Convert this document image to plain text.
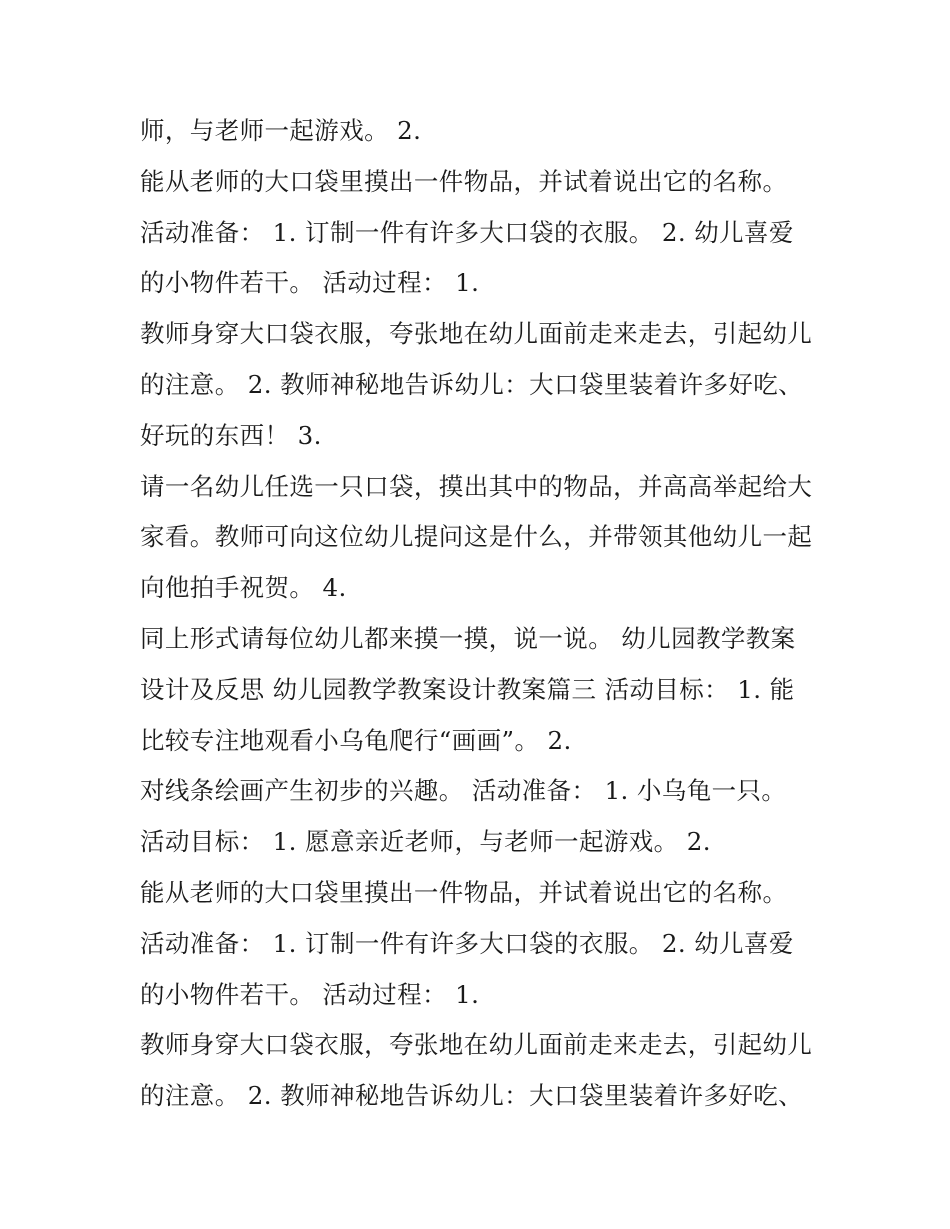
师，与老师一起游戏。 2.
能从老师的大口袋里摸出一件物品，并试着说出它的名称。
活动准备： 1. 订制一件有许多大口袋的衣服。 2. 幼儿喜爱
的小物件若干。 活动过程： 1.
教师身穿大口袋衣服，夸张地在幼儿面前走来走去，引起幼儿
的注意。 2. 教师神秘地告诉幼儿：大口袋里装着许多好吃、
好玩的东西！ 3.
请一名幼儿任选一只口袋，摸出其中的物品，并高高举起给大
家看。教师可向这位幼儿提问这是什么，并带领其他幼儿一起
向他拍手祝贺。 4.
同上形式请每位幼儿都来摸一摸，说一说。 幼儿园教学教案
设计及反思 幼儿园教学教案设计教案篇三 活动目标： 1. 能
比较专注地观看小乌龟爬行“画画”。 2.
对线条绘画产生初步的兴趣。 活动准备： 1. 小乌龟一只。
活动目标： 1. 愿意亲近老师，与老师一起游戏。 2.
能从老师的大口袋里摸出一件物品，并试着说出它的名称。
活动准备： 1. 订制一件有许多大口袋的衣服。 2. 幼儿喜爱
的小物件若干。 活动过程： 1.
教师身穿大口袋衣服，夸张地在幼儿面前走来走去，引起幼儿
的注意。 2. 教师神秘地告诉幼儿：大口袋里装着许多好吃、
